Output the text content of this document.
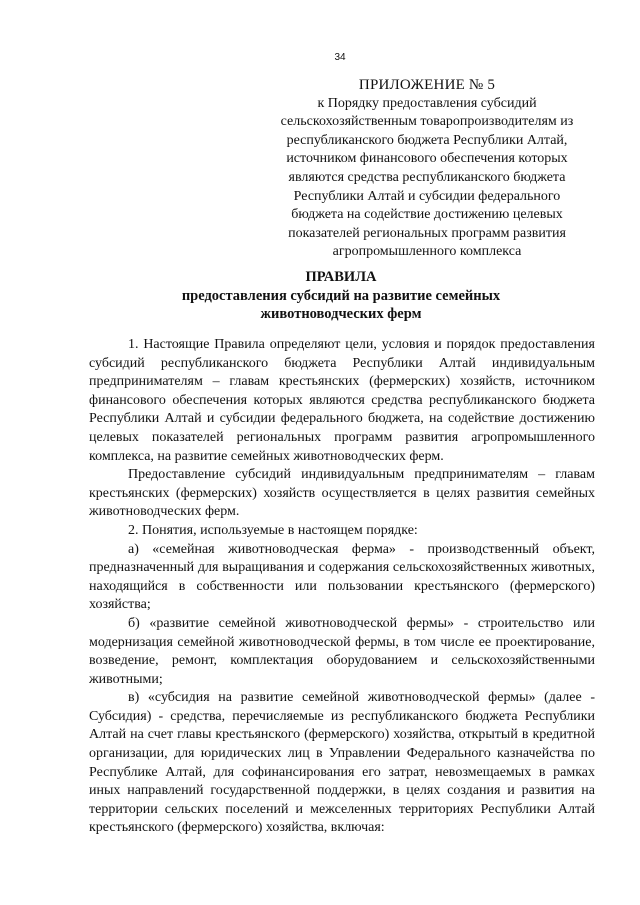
34
ПРИЛОЖЕНИЕ № 5
к Порядку предоставления субсидий
сельскохозяйственным товаропроизводителям из
республиканского бюджета Республики Алтай,
источником финансового обеспечения которых
являются средства республиканского бюджета
Республики Алтай и субсидии федерального
бюджета на содействие достижению целевых
показателей региональных программ развития
агропромышленного комплекса
ПРАВИЛА
предоставления субсидий на развитие семейных
животноводческих ферм

1. Настоящие Правила определяют цели, условия и порядок предоставления субсидий республиканского бюджета Республики Алтай индивидуальным предпринимателям – главам крестьянских (фермерских) хозяйств, источником финансового обеспечения которых являются средства республиканского бюджета Республики Алтай и субсидии федерального бюджета, на содействие достижению целевых показателей региональных программ развития агропромышленного комплекса, на развитие семейных животноводческих ферм.

Предоставление субсидий индивидуальным предпринимателям – главам крестьянских (фермерских) хозяйств осуществляется в целях развития семейных животноводческих ферм.

2. Понятия, используемые в настоящем порядке:

а) «семейная животноводческая ферма» - производственный объект, предназначенный для выращивания и содержания сельскохозяйственных животных, находящийся в собственности или пользовании крестьянского (фермерского) хозяйства;

б) «развитие семейной животноводческой фермы» - строительство или модернизация семейной животноводческой фермы, в том числе ее проектирование, возведение, ремонт, комплектация оборудованием и сельскохозяйственными животными;

в) «субсидия на развитие семейной животноводческой фермы» (далее - Субсидия) - средства, перечисляемые из республиканского бюджета Республики Алтай на счет главы крестьянского (фермерского) хозяйства, открытый в кредитной организации, для юридических лиц в Управлении Федерального казначейства по Республике Алтай, для софинансирования его затрат, невозмещаемых в рамках иных направлений государственной поддержки, в целях создания и развития на территории сельских поселений и межселенных территориях Республики Алтай крестьянского (фермерского) хозяйства, включая:
